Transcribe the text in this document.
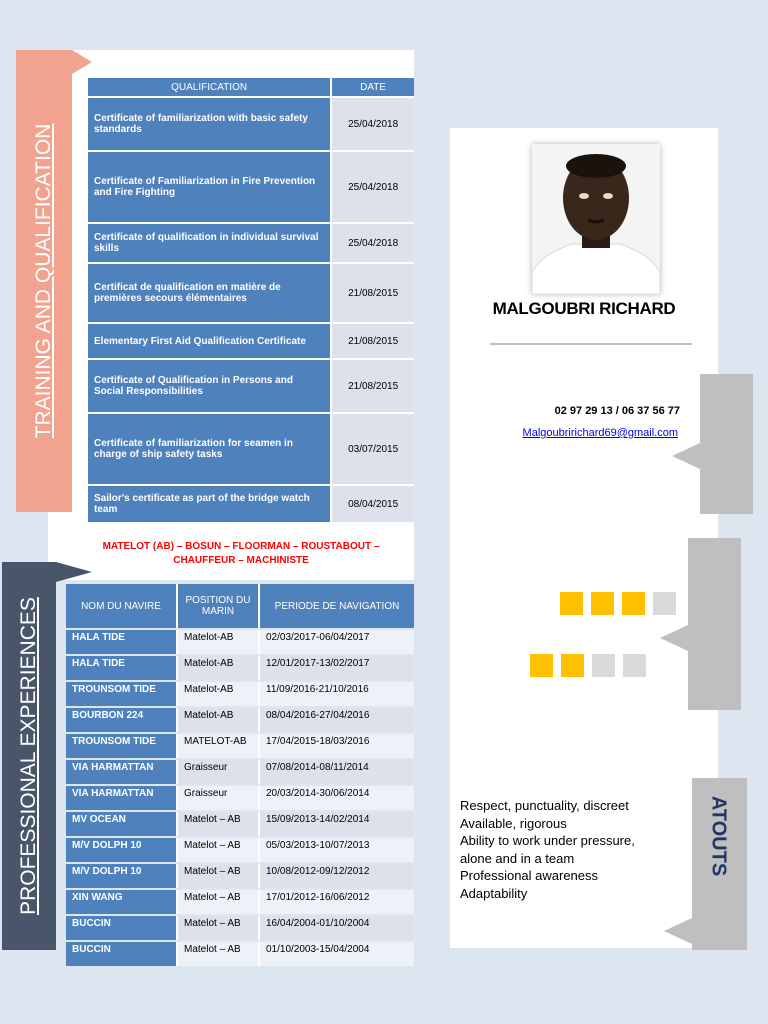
TRAINING AND QUALIFICATION
QUALIFICATION	DATE
Certificate of familiarization with basic safety standards	25/04/2018
Certificate of Familiarization in Fire Prevention and Fire Fighting	25/04/2018
Certificate of qualification in individual survival skills	25/04/2018
Certificat de qualification en matière de premières secours élémentaires	21/08/2015
Elementary First Aid Qualification Certificate	21/08/2015
Certificate of Qualification in Persons and Social Responsibilities	21/08/2015
Certificate of familiarization for seamen in charge of ship safety tasks	03/07/2015
Sailor's certificate as part of the bridge watch team	08/04/2015
MATELOT (AB) – BOSUN – FLOORMAN – ROUSTABOUT – CHAUFFEUR – MACHINISTE
PROFESSIONAL EXPERIENCES	NOM DU NAVIRE	POSITION DU MARIN	PERIODE DE NAVIGATION
HALA TIDE	Matelot-AB	02/03/2017-06/04/2017
HALA TIDE	Matelot-AB	12/01/2017-13/02/2017
TROUNSOM TIDE	Matelot-AB	11/09/2016-21/10/2016
BOURBON 224	Matelot-AB	08/04/2016-27/04/2016
TROUNSOM TIDE	MATELOT-AB	17/04/2015-18/03/2016
VIA HARMATTAN	Graisseur	07/08/2014-08/11/2014
VIA HARMATTAN	Graisseur	20/03/2014-30/06/2014
MV OCEAN	Matelot – AB	15/09/2013-14/02/2014
M/V DOLPH 10	Matelot – AB	05/03/2013-10/07/2013
M/V DOLPH 10	Matelot – AB	10/08/2012-09/12/2012
XIN WANG	Matelot – AB	17/01/2012-16/06/2012
BUCCIN	Matelot – AB	16/04/2004-01/10/2004
BUCCIN	Matelot – AB	01/10/2003-15/04/2004
MALGOUBRI RICHARD
02 97 29 13 / 06 37 56 77
Malgoubririchard69@gmail.com
ATOUTS
Respect, punctuality, discreet
Available, rigorous
Ability to work under pressure,
alone and in a team
Professional awareness
Adaptability
